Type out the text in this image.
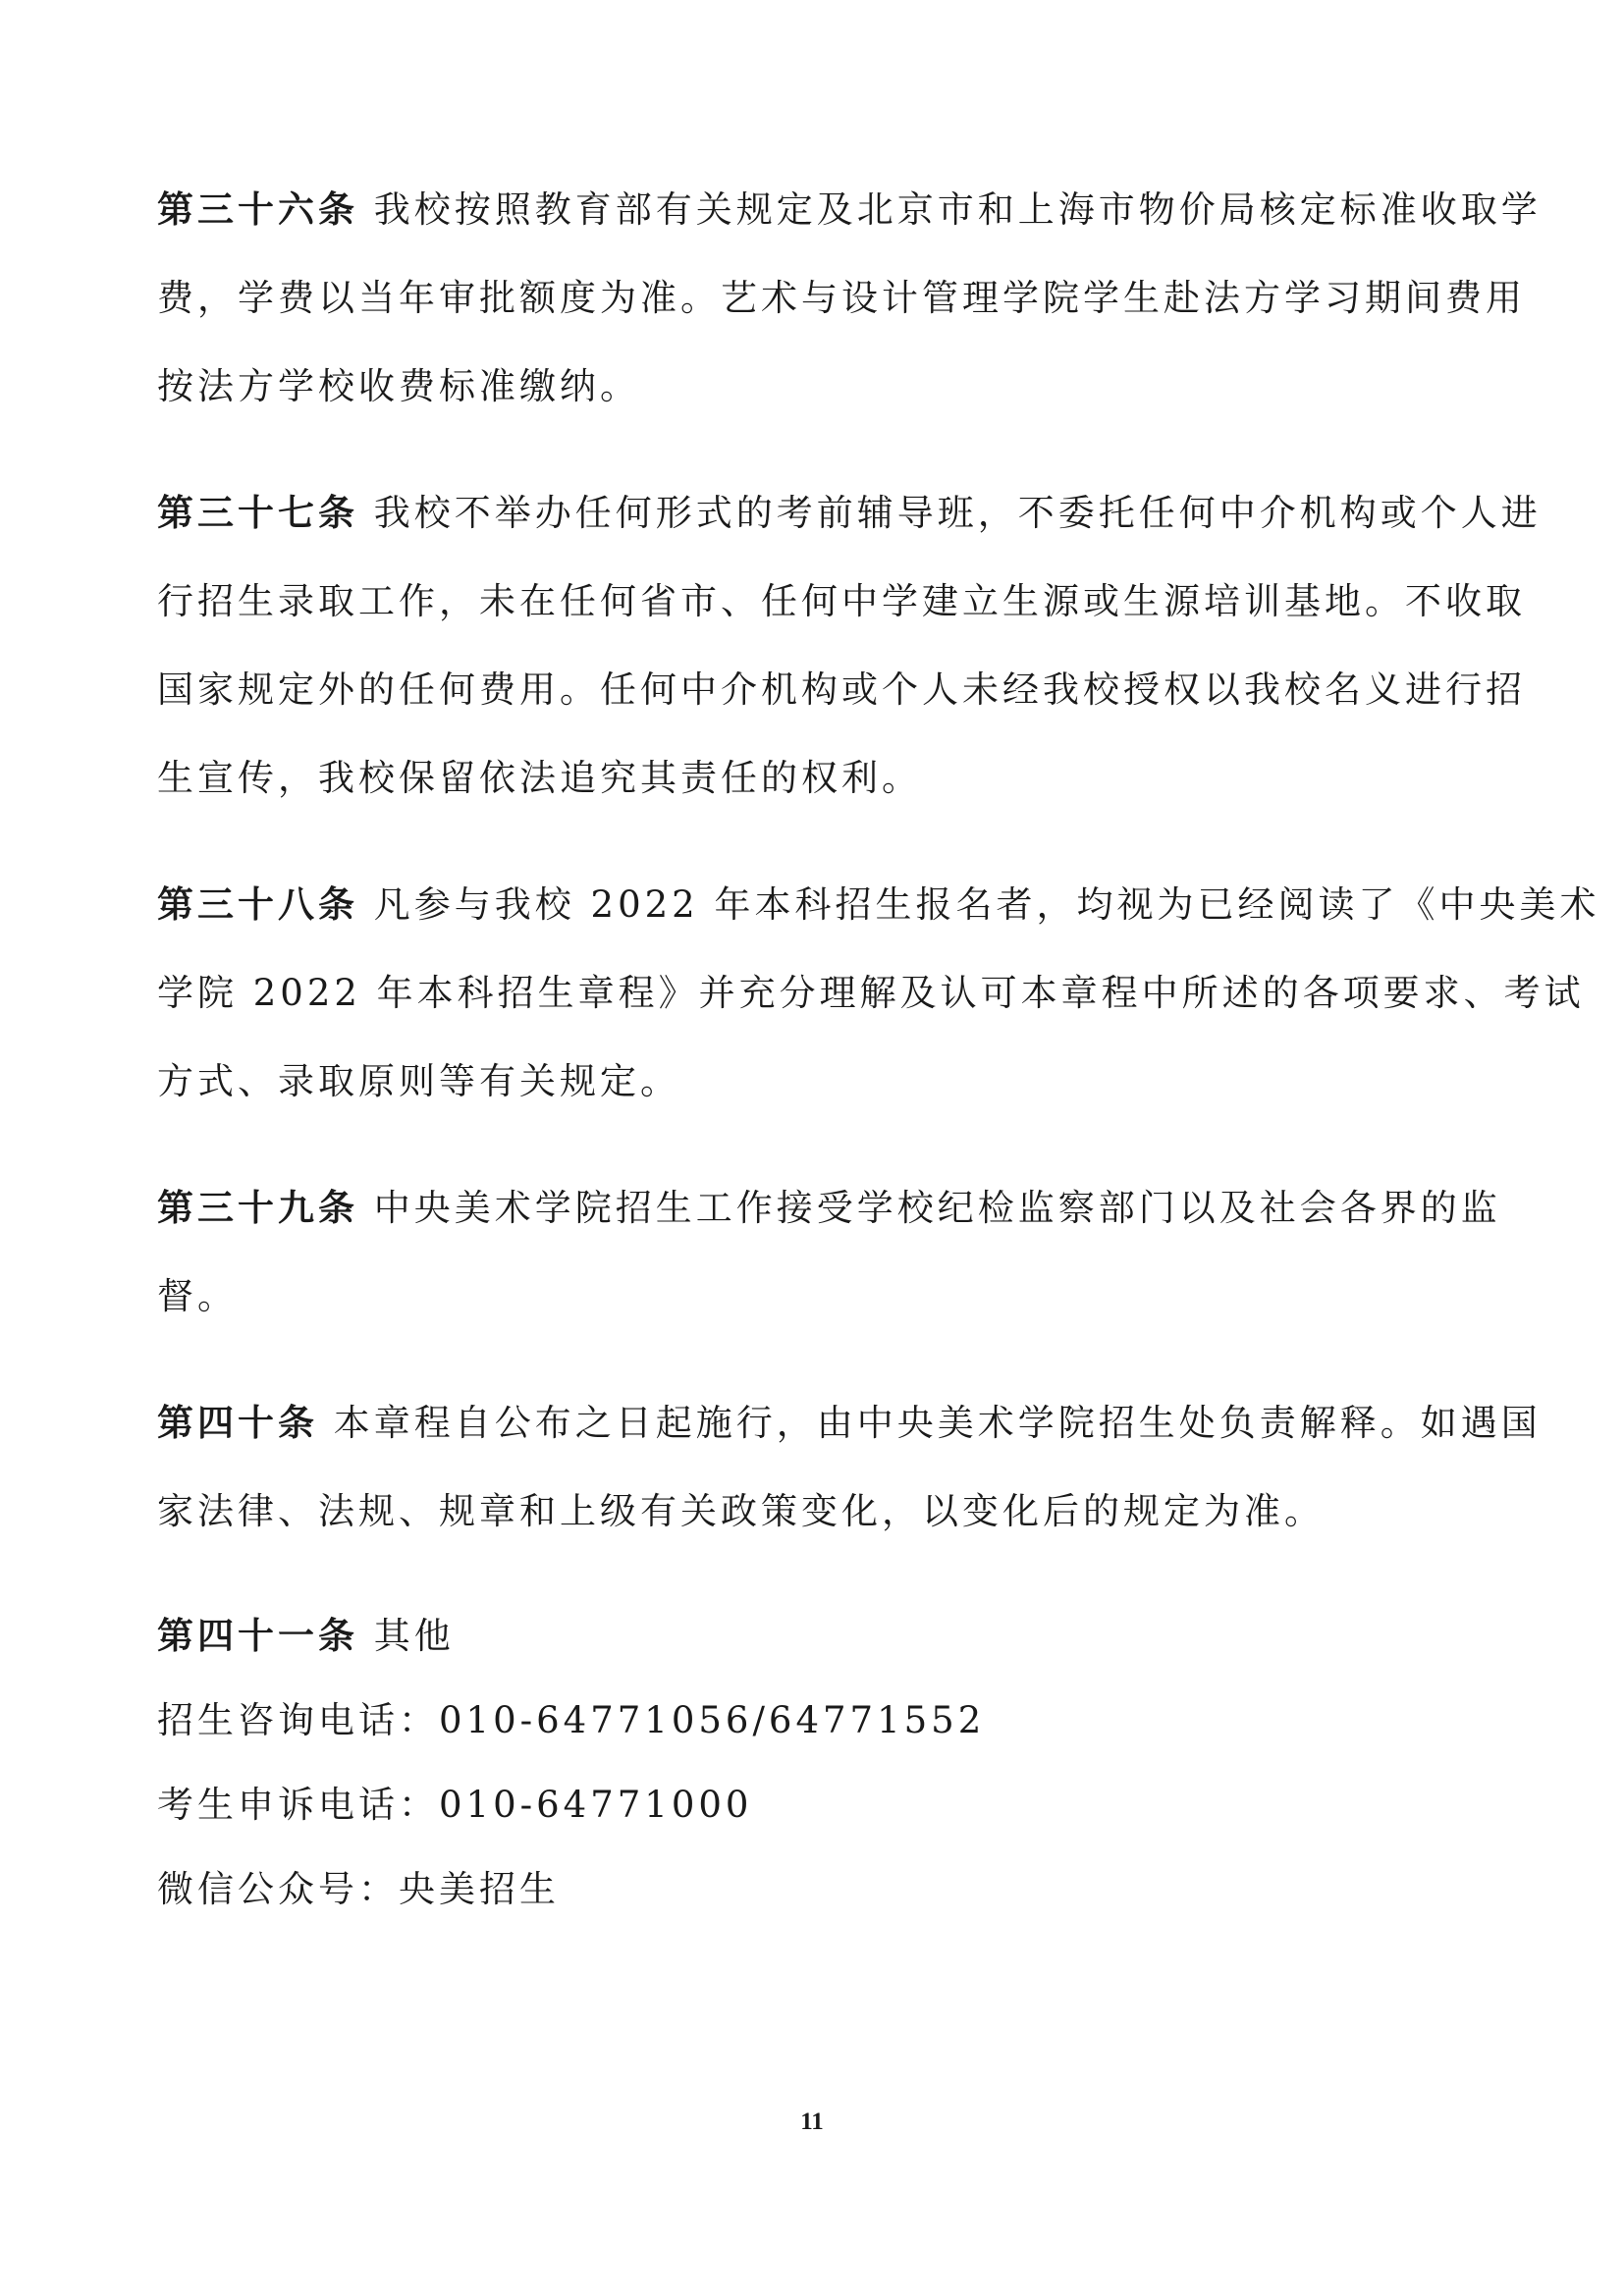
第三十六条 我校按照教育部有关规定及北京市和上海市物价局核定标准收取学
费，学费以当年审批额度为准。艺术与设计管理学院学生赴法方学习期间费用
按法方学校收费标准缴纳。
第三十七条 我校不举办任何形式的考前辅导班，不委托任何中介机构或个人进
行招生录取工作，未在任何省市、任何中学建立生源或生源培训基地。不收取
国家规定外的任何费用。任何中介机构或个人未经我校授权以我校名义进行招
生宣传，我校保留依法追究其责任的权利。
第三十八条 凡参与我校 2022 年本科招生报名者，均视为已经阅读了《中央美术
学院 2022 年本科招生章程》并充分理解及认可本章程中所述的各项要求、考试
方式、录取原则等有关规定。
第三十九条 中央美术学院招生工作接受学校纪检监察部门以及社会各界的监
督。
第四十条 本章程自公布之日起施行，由中央美术学院招生处负责解释。如遇国
家法律、法规、规章和上级有关政策变化，以变化后的规定为准。
第四十一条 其他
招生咨询电话：010-64771056/64771552
考生申诉电话：010-64771000
微信公众号：央美招生
11
